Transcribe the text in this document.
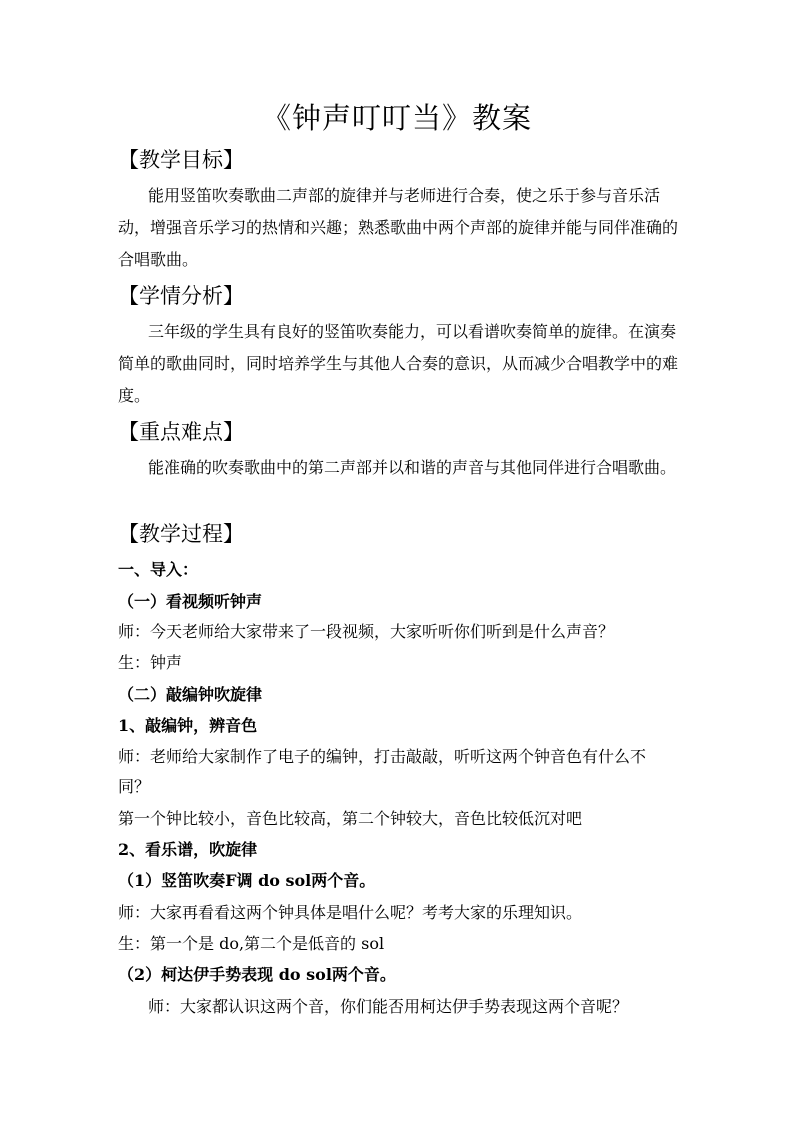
《钟声叮叮当》教案
【教学目标】
能用竖笛吹奏歌曲二声部的旋律并与老师进行合奏，使之乐于参与音乐活动，增强音乐学习的热情和兴趣；熟悉歌曲中两个声部的旋律并能与同伴准确的合唱歌曲。
【学情分析】
三年级的学生具有良好的竖笛吹奏能力，可以看谱吹奏简单的旋律。在演奏简单的歌曲同时，同时培养学生与其他人合奏的意识，从而减少合唱教学中的难度。
【重点难点】
能准确的吹奏歌曲中的第二声部并以和谐的声音与其他同伴进行合唱歌曲。
【教学过程】
一、导入：
（一）看视频听钟声
师：今天老师给大家带来了一段视频，大家听听你们听到是什么声音？
生：钟声
（二）敲编钟吹旋律
1、敲编钟，辨音色
师：老师给大家制作了电子的编钟，打击敲敲，听听这两个钟音色有什么不
同？
第一个钟比较小，音色比较高，第二个钟较大，音色比较低沉对吧
2、看乐谱，吹旋律
（1）竖笛吹奏F调 do sol两个音。
师：大家再看看这两个钟具体是唱什么呢？考考大家的乐理知识。
生：第一个是 do,第二个是低音的 sol
（2）柯达伊手势表现 do sol两个音。
师：大家都认识这两个音，你们能否用柯达伊手势表现这两个音呢？
